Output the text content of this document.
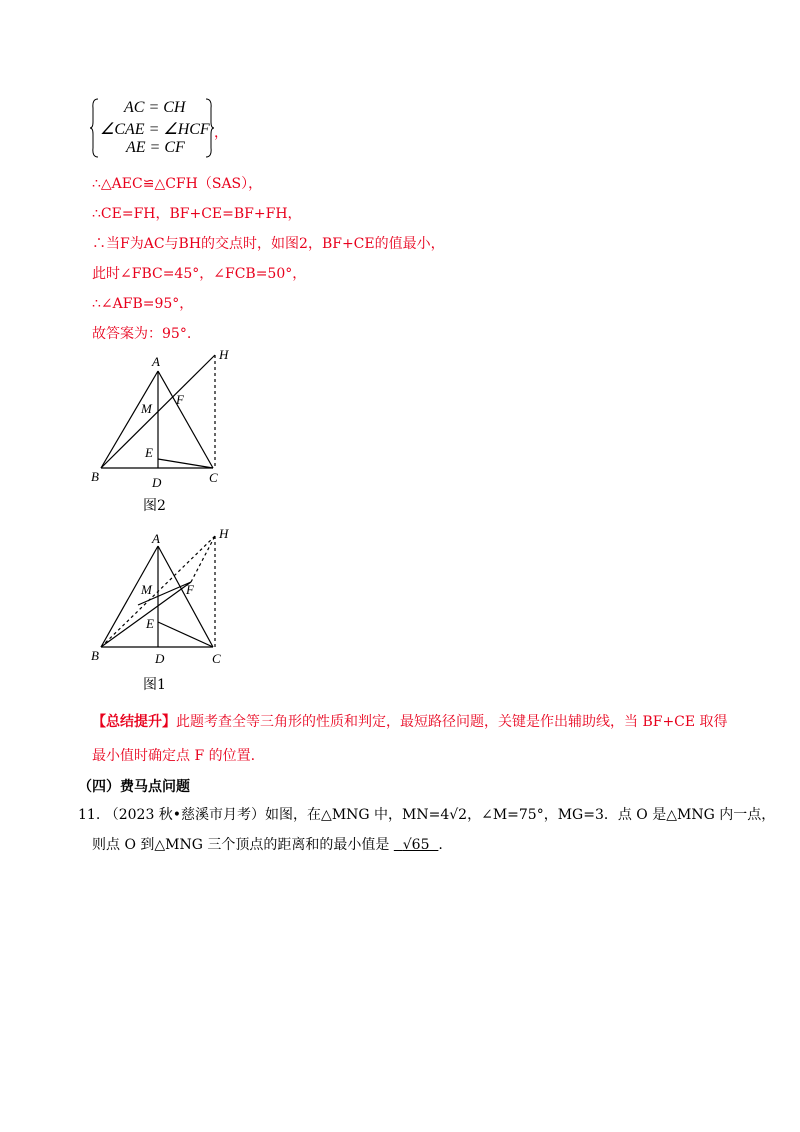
AC = CH
∠CAE = ∠HCF
AE = CF
，
∴△AEC≌△CFH（SAS），
∴CE=FH，BF+CE=BF+FH，
∴当F为AC与BH的交点时，如图2，BF+CE的值最小，
此时∠FBC=45°，∠FCB=50°，
∴∠AFB=95°，
故答案为：95°.
A	H
M
F
E
B	D	C
图2
A	H
M	F
E
B	D	C
图1
【总结提升】此题考查全等三角形的性质和判定，最短路径问题，关键是作出辅助线，当 BF+CE 取得
最小值时确定点 F 的位置.
（四）费马点问题
11. （2023 秋•慈溪市月考）如图，在△MNG 中，MN=4√2，∠M=75°，MG=3．点 O 是△MNG 内一点，
则点 O 到△MNG 三个顶点的距离和的最小值是 √65 .
